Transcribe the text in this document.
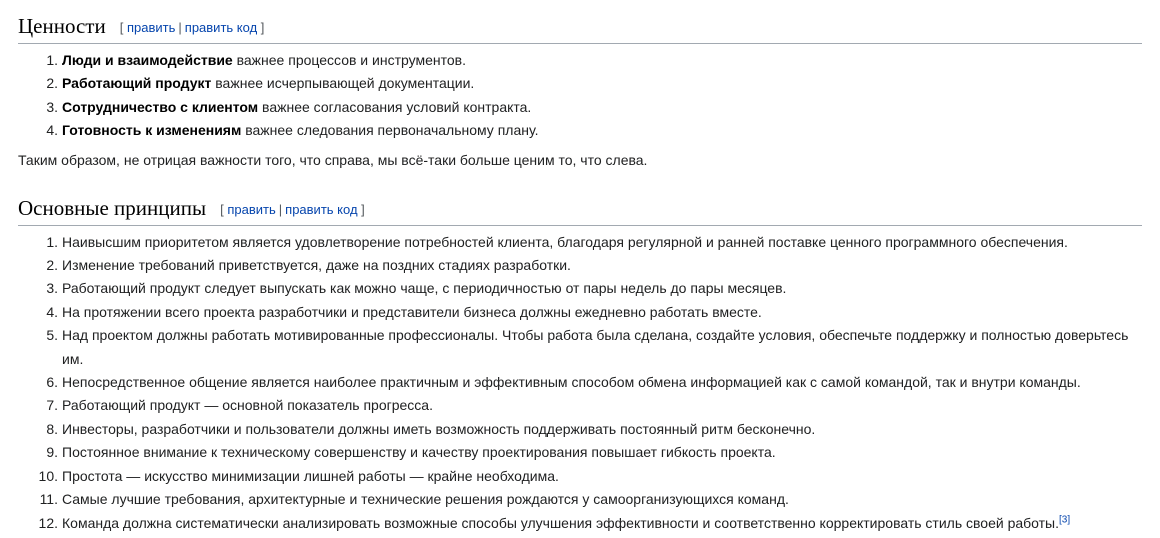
Ценности [ править | править код ]
1. Люди и взаимодействие важнее процессов и инструментов.
2. Работающий продукт важнее исчерпывающей документации.
3. Сотрудничество с клиентом важнее согласования условий контракта.
4. Готовность к изменениям важнее следования первоначальному плану.

Таким образом, не отрицая важности того, что справа, мы всё-таки больше ценим то, что слева.

Основные принципы [ править | править код ]
1. Наивысшим приоритетом является удовлетворение потребностей клиента, благодаря регулярной и ранней поставке ценного программного обеспечения.
2. Изменение требований приветствуется, даже на поздних стадиях разработки.
3. Работающий продукт следует выпускать как можно чаще, с периодичностью от пары недель до пары месяцев.
4. На протяжении всего проекта разработчики и представители бизнеса должны ежедневно работать вместе.
5. Над проектом должны работать мотивированные профессионалы. Чтобы работа была сделана, создайте условия, обеспечьте поддержку и полностью доверьтесь им.
6. Непосредственное общение является наиболее практичным и эффективным способом обмена информацией как с самой командой, так и внутри команды.
7. Работающий продукт — основной показатель прогресса.
8. Инвесторы, разработчики и пользователи должны иметь возможность поддерживать постоянный ритм бесконечно.
9. Постоянное внимание к техническому совершенству и качеству проектирования повышает гибкость проекта.
10. Простота — искусство минимизации лишней работы — крайне необходима.
11. Самые лучшие требования, архитектурные и технические решения рождаются у самоорганизующихся команд.
12. Команда должна систематически анализировать возможные способы улучшения эффективности и соответственно корректировать стиль своей работы.[3]
